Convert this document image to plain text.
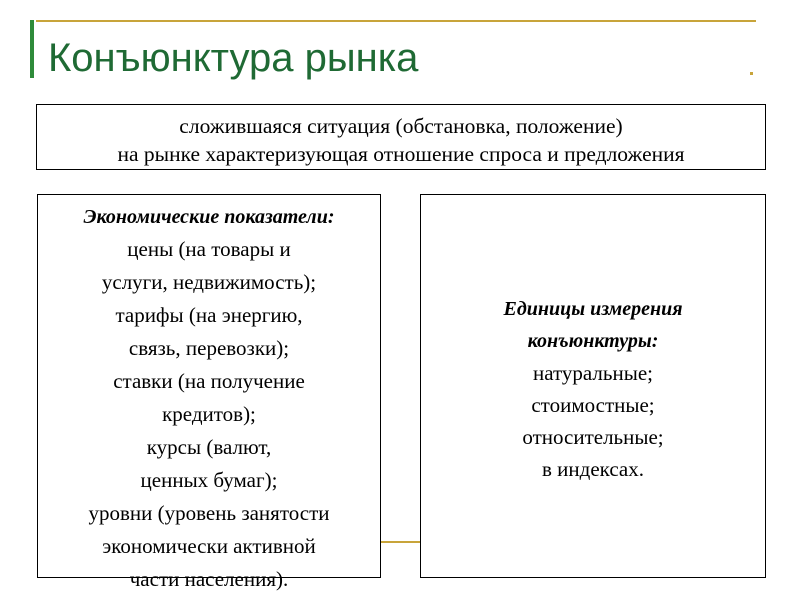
Конъюнктура рынка
сложившаяся ситуация (обстановка, положение)
на рынке характеризующая отношение спроса и предложения
Экономические показатели:
цены (на товары и
услуги, недвижимость);
тарифы (на энергию,
связь, перевозки);
ставки (на получение
кредитов);
курсы (валют,
ценных бумаг);
уровни (уровень занятости
экономически активной
части населения).
Единицы измерения
конъюнктуры:
натуральные;
стоимостные;
относительные;
в индексах.
